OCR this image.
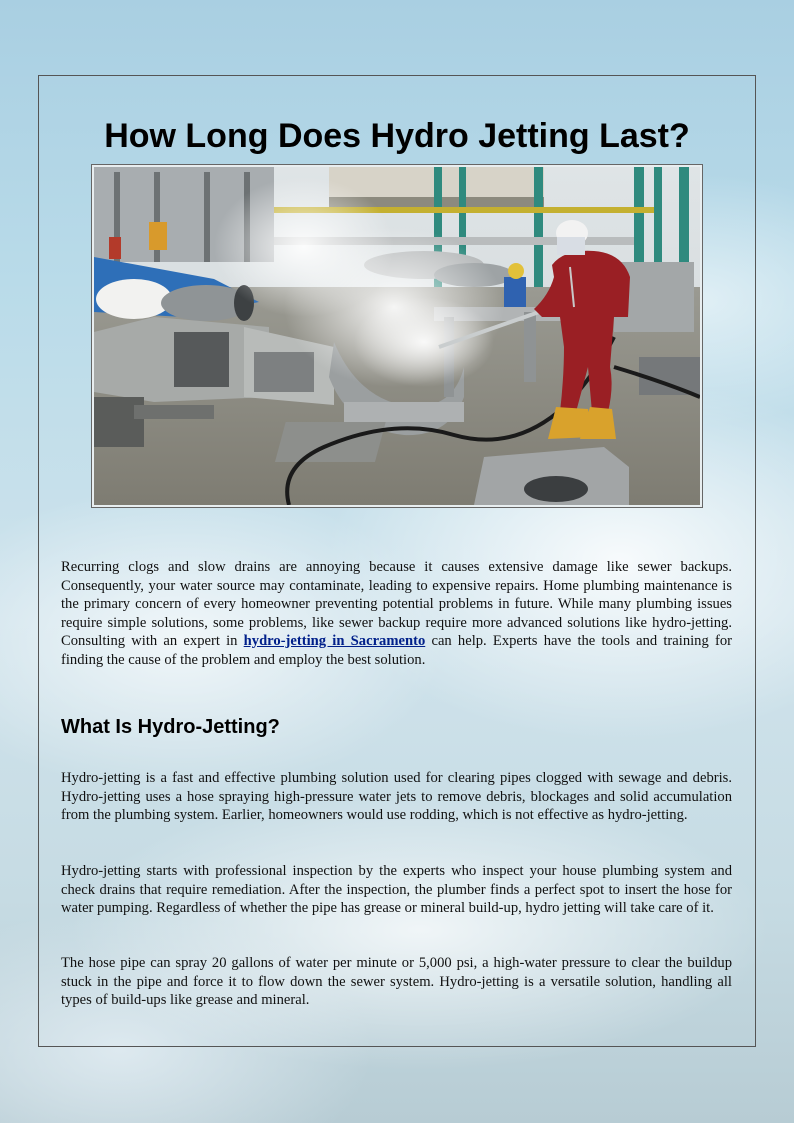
How Long Does Hydro Jetting Last?

Recurring clogs and slow drains are annoying because it causes extensive damage like sewer backups. Consequently, your water source may contaminate, leading to expensive repairs. Home plumbing maintenance is the primary concern of every homeowner preventing potential problems in future. While many plumbing issues require simple solutions, some problems, like sewer backup require more advanced solutions like hydro-jetting. Consulting with an expert in hydro-jetting in Sacramento can help. Experts have the tools and training for finding the cause of the problem and employ the best solution.

What Is Hydro-Jetting?

Hydro-jetting is a fast and effective plumbing solution used for clearing pipes clogged with sewage and debris. Hydro-jetting uses a hose spraying high-pressure water jets to remove debris, blockages and solid accumulation from the plumbing system. Earlier, homeowners would use rodding, which is not effective as hydro-jetting.

Hydro-jetting starts with professional inspection by the experts who inspect your house plumbing system and check drains that require remediation. After the inspection, the plumber finds a perfect spot to insert the hose for water pumping. Regardless of whether the pipe has grease or mineral build-up, hydro jetting will take care of it.

The hose pipe can spray 20 gallons of water per minute or 5,000 psi, a high-water pressure to clear the buildup stuck in the pipe and force it to flow down the sewer system. Hydro-jetting is a versatile solution, handling all types of build-ups like grease and mineral.
